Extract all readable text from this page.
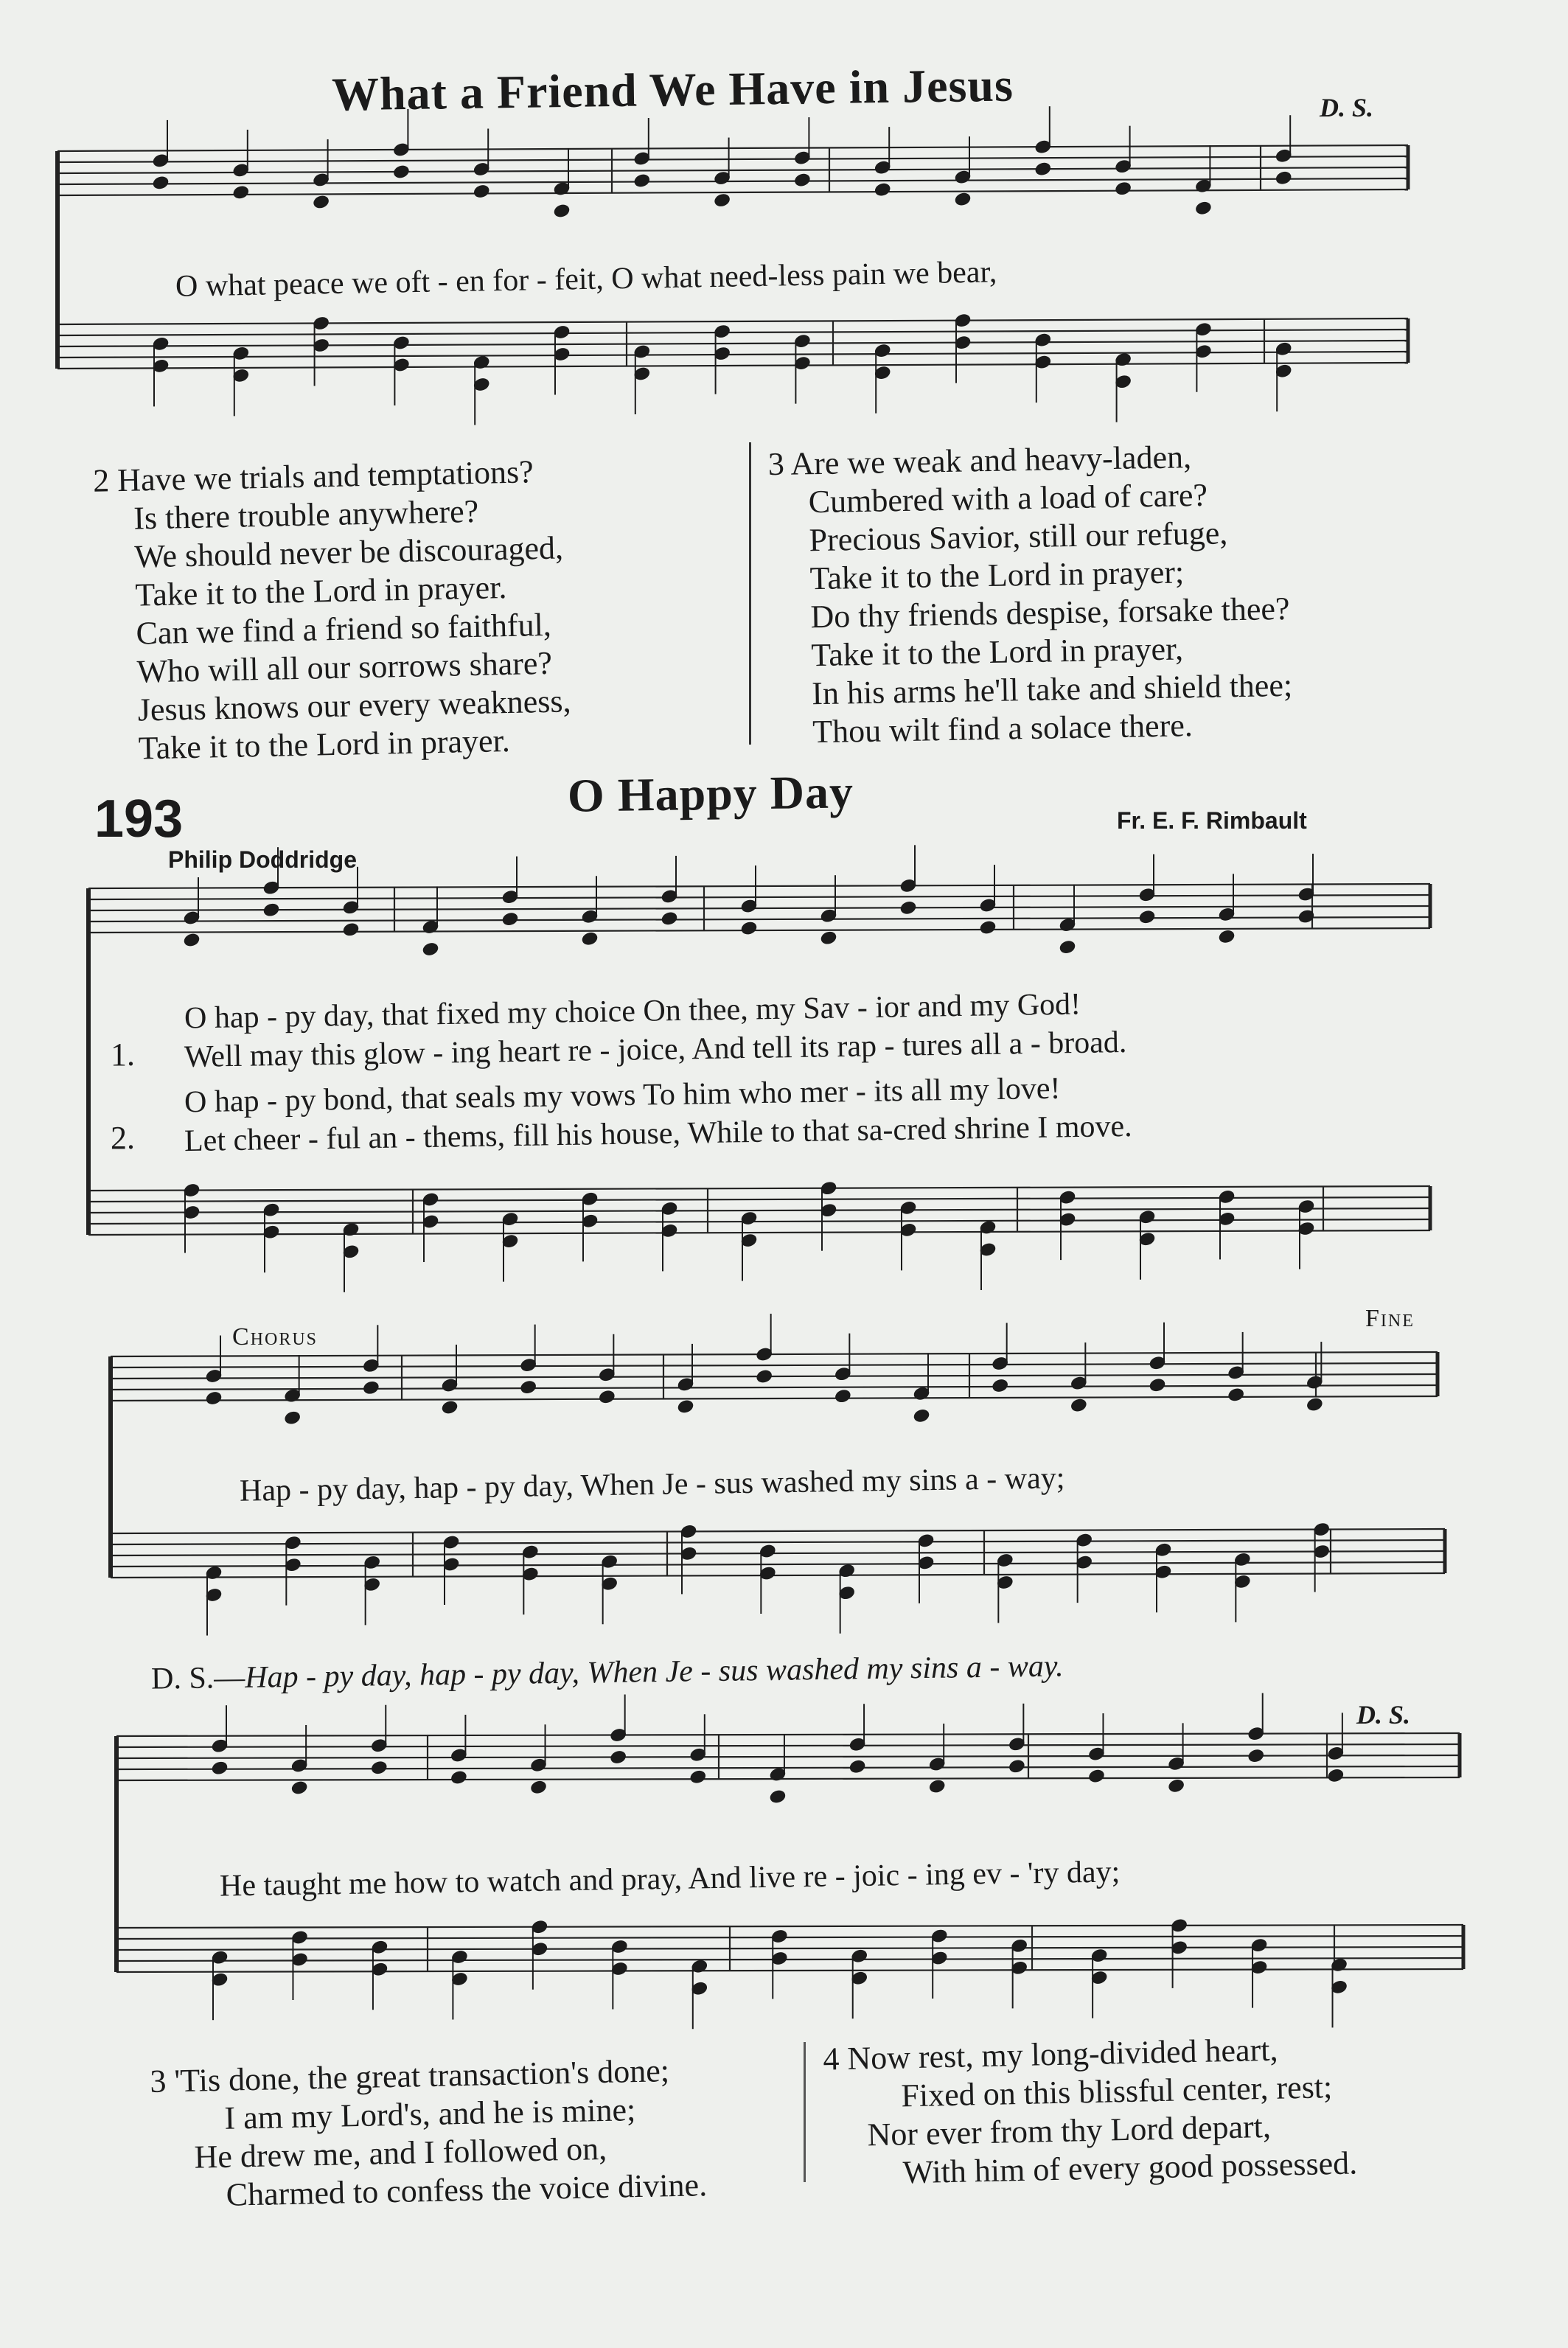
What a Friend We Have in Jesus	D. S.
O what peace we oft - en for - feit, O what need-less pain we bear,
2 Have we trials and temptations?
Is there trouble anywhere?
We should never be discouraged,
Take it to the Lord in prayer.
Can we find a friend so faithful,
Who will all our sorrows share?
Jesus knows our every weakness,
Take it to the Lord in prayer.
3 Are we weak and heavy-laden,
Cumbered with a load of care?
Precious Savior, still our refuge,
Take it to the Lord in prayer;
Do thy friends despise, forsake thee?
Take it to the Lord in prayer,
In his arms he'll take and shield thee;
Thou wilt find a solace there.
193	O Happy Day	Fr. E. F. Rimbault
Philip Doddridge
1.
O hap - py day, that fixed my choice On thee, my Sav - ior and my God!
Well may this glow - ing heart re - joice, And tell its rap - tures all a - broad.
2.
O hap - py bond, that seals my vows To him who mer - its all my love!
Let cheer - ful an - thems, fill his house, While to that sa-cred shrine I move.
Chorus
Fine
Hap - py day, hap - py day, When Je - sus washed my sins a - way;
D. S.—Hap - py day, hap - py day, When Je - sus washed my sins a - way.
D. S.
He taught me how to watch and pray, And live re - joic - ing ev - 'ry day;
3 'Tis done, the great transaction's done;
I am my Lord's, and he is mine;
He drew me, and I followed on,
Charmed to confess the voice divine.
4 Now rest, my long-divided heart,
Fixed on this blissful center, rest;
Nor ever from thy Lord depart,
With him of every good possessed.
